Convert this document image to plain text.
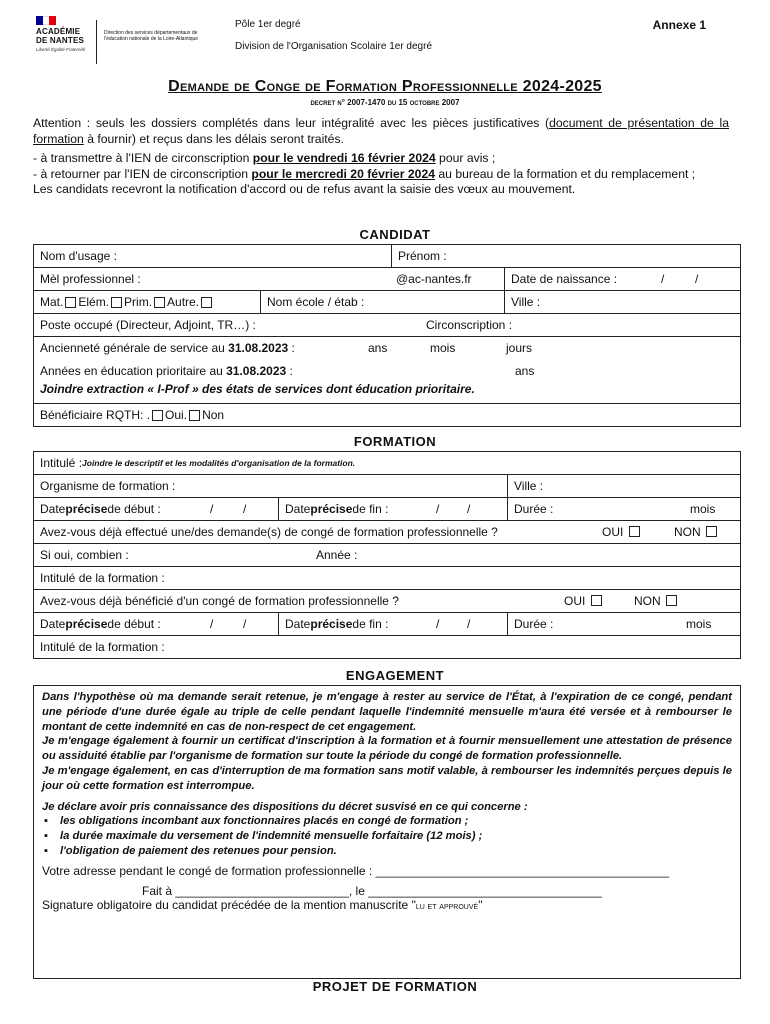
ACADÉMIE
DE NANTES
Liberté Égalité Fraternité
Direction des services départementaux de l'éducation nationale de la Loire-Atlantique
Pôle 1er degré
Division de l'Organisation Scolaire 1er degré
Annexe 1
Demande de Conge de Formation Professionnelle 2024-2025
decret n° 2007-1470 du 15 octobre 2007

Attention : seuls les dossiers complétés dans leur intégralité avec les pièces justificatives (document de présentation de la formation à fournir) et reçus dans les délais seront traités.

- à transmettre à l'IEN de circonscription pour le vendredi 16 février 2024 pour avis ;

- à retourner par l'IEN de circonscription pour le mercredi 20 février 2024 au bureau de la formation et du remplacement ;

Les candidats recevront la notification d'accord ou de refus avant la saisie des vœux au mouvement.

CANDIDAT
Nom d'usage :	Prénom :
Mèl professionnel :	@ac-nantes.fr	Date de naissance :	/	/
Mat. Elém. Prim. Autre.	Nom école / étab :	Ville :
Poste occupé (Directeur, Adjoint, TR…) :	Circonscription :
Ancienneté générale de service au 31.08.2023 :	ans	mois	jours
Années en éducation prioritaire au 31.08.2023 :	ans
Joindre extraction « I-Prof » des états de services dont éducation prioritaire.
Bénéficiaire RQTH: . Oui. Non
FORMATION
Intitulé : Joindre le descriptif et les modalités d'organisation de la formation.
Organisme de formation :	Ville :
Date précise de début :	/ /	Date précise de fin :	/ /	Durée :	mois
Avez-vous déjà effectué une/des demande(s) de congé de formation professionnelle ?	OUI	NON
Si oui, combien :	Année :
Intitulé de la formation :
Avez-vous déjà bénéficié d'un congé de formation professionnelle ?	OUI	NON
Date précise de début :	/ /	Date précise de fin :	/ /	Durée :	mois
Intitulé de la formation :
ENGAGEMENT

Dans l'hypothèse où ma demande serait retenue, je m'engage à rester au service de l'État, à l'expiration de ce congé, pendant une période d'une durée égale au triple de celle pendant laquelle l'indemnité mensuelle m'aura été versée et à rembourser le montant de cette indemnité en cas de non-respect de cet engagement.

Je m'engage également à fournir un certificat d'inscription à la formation et à fournir mensuellement une attestation de présence ou assiduité établie par l'organisme de formation sur toute la période du congé de formation professionnelle.

Je m'engage également, en cas d'interruption de ma formation sans motif valable, à rembourser les indemnités perçues depuis le jour où cette formation est interrompue.

Je déclare avoir pris connaissance des dispositions du décret susvisé en ce qui concerne :

▪ les obligations incombant aux fonctionnaires placés en congé de formation ;
▪ la durée maximale du versement de l'indemnité mensuelle forfaitaire (12 mois) ;
▪ l'obligation de paiement des retenues pour pension.

Votre adresse pendant le congé de formation professionnelle : ____________________________________________

Fait à __________________________, le ___________________________________

Signature obligatoire du candidat précédée de la mention manuscrite "lu et approuvé"

PROJET DE FORMATION
